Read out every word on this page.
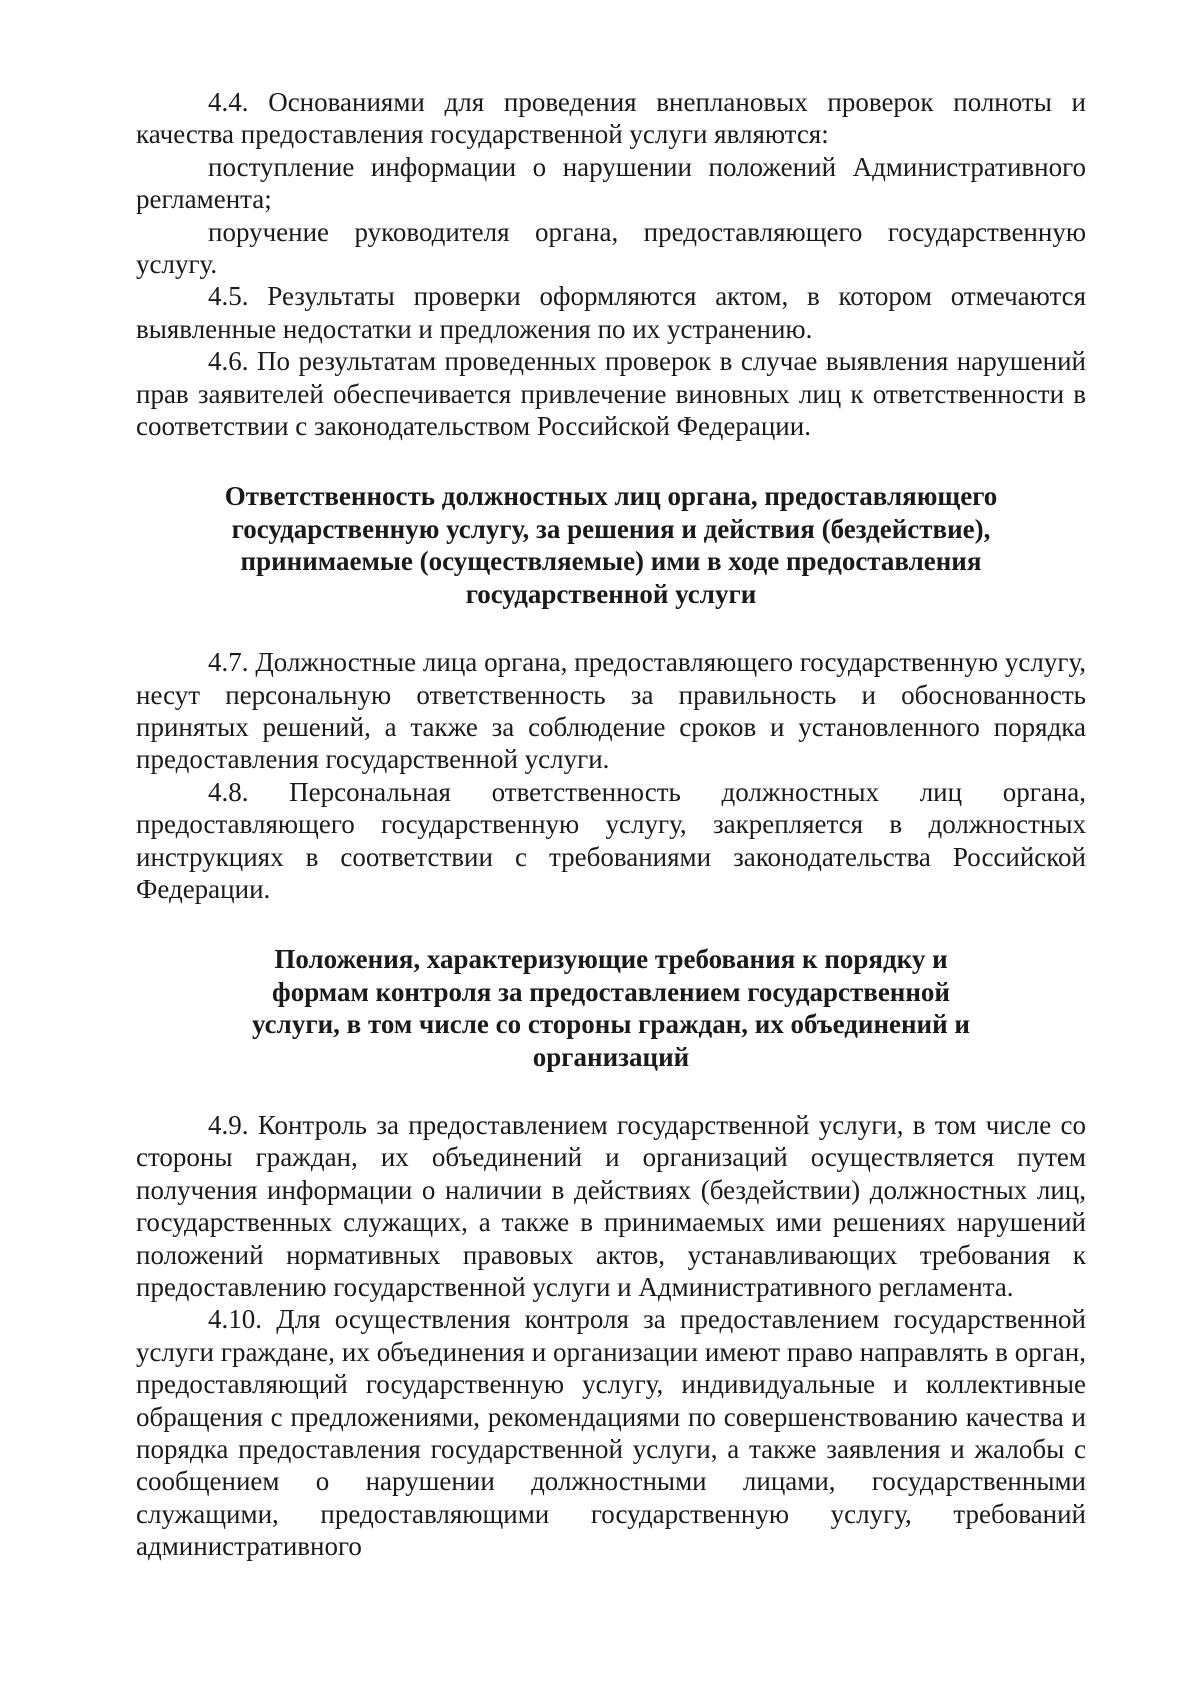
4.4. Основаниями для проведения внеплановых проверок полноты и качества предоставления государственной услуги являются:

поступление информации о нарушении положений Административного регламента;

поручение руководителя органа, предоставляющего государственную услугу.

4.5. Результаты проверки оформляются актом, в котором отмечаются выявленные недостатки и предложения по их устранению.

4.6. По результатам проведенных проверок в случае выявления нарушений прав заявителей обеспечивается привлечение виновных лиц к ответственности в соответствии с законодательством Российской Федерации.

Ответственность должностных лиц органа, предоставляющего
государственную услугу, за решения и действия (бездействие),
принимаемые (осуществляемые) ими в ходе предоставления
государственной услуги

4.7. Должностные лица органа, предоставляющего государственную услугу, несут персональную ответственность за правильность и обоснованность принятых решений, а также за соблюдение сроков и установленного порядка предоставления государственной услуги.

4.8. Персональная ответственность должностных лиц органа, предоставляющего государственную услугу, закрепляется в должностных инструкциях в соответствии с требованиями законодательства Российской Федерации.

Положения, характеризующие требования к порядку и
формам контроля за предоставлением государственной
услуги, в том числе со стороны граждан, их объединений и
организаций

4.9. Контроль за предоставлением государственной услуги, в том числе со стороны граждан, их объединений и организаций осуществляется путем получения информации о наличии в действиях (бездействии) должностных лиц, государственных служащих, а также в принимаемых ими решениях нарушений положений нормативных правовых актов, устанавливающих требования к предоставлению государственной услуги и Административного регламента.

4.10. Для осуществления контроля за предоставлением государственной услуги граждане, их объединения и организации имеют право направлять в орган, предоставляющий государственную услугу, индивидуальные и коллективные обращения с предложениями, рекомендациями по совершенствованию качества и порядка предоставления государственной услуги, а также заявления и жалобы с сообщением о нарушении должностными лицами, государственными служащими, предоставляющими государственную услугу, требований административного
